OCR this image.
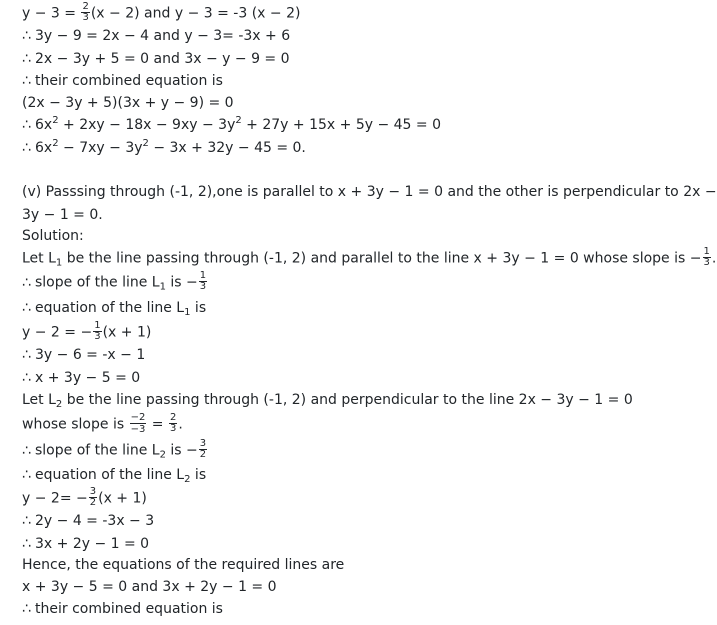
$y - 3 = \frac{2}{3} (x - 2)$ and y − 3 = -3 (x − 2)
∴ 3y − 9 = 2x − 4 and y − 3= -3x + 6
∴ 2x − 3y + 5 = 0 and 3x − y − 9 = 0
∴ their combined equation is
(2x − 3y + 5)(3x + y − 9) = 0
∴ $6x^2 + 2xy - 18x - 9xy - 3y^2 + 27y + 15x + 5y - 45 = 0$
∴ $6x^2 - 7xy - 3y^2 - 3x + 32y - 45 = 0$.
(v) Passsing through (-1, 2),one is parallel to x + 3y − 1 = 0 and the other is perpendicular to 2x −
3y − 1 = 0.
Solution:
Let $L_1$ be the line passing through (-1, 2) and parallel to the line x + 3y − 1 = 0 whose slope is − $\frac{1}{3}$ .
∴ slope of the line $L_1$ is − $\frac{1}{3}$
∴ equation of the line $L_1$ is
y − 2 = − $\frac{1}{3} (x + 1)$
∴ 3y − 6 = -x − 1
∴ x + 3y − 5 = 0
Let $L_2$ be the line passing through (-1, 2) and perpendicular to the line 2x − 3y − 1 = 0
whose slope is $\frac{-2}{-3} = \frac{2}{3}$ .
∴ slope of the line $L_2$ is − $\frac{3}{2}$
∴ equation of the line $L_2$ is
$y - 2= - \frac{3}{2} (x + 1)$
∴ 2y − 4 = -3x − 3
∴ 3x + 2y − 1 = 0
Hence, the equations of the required lines are
x + 3y − 5 = 0 and 3x + 2y − 1 = 0
∴ their combined equation is
